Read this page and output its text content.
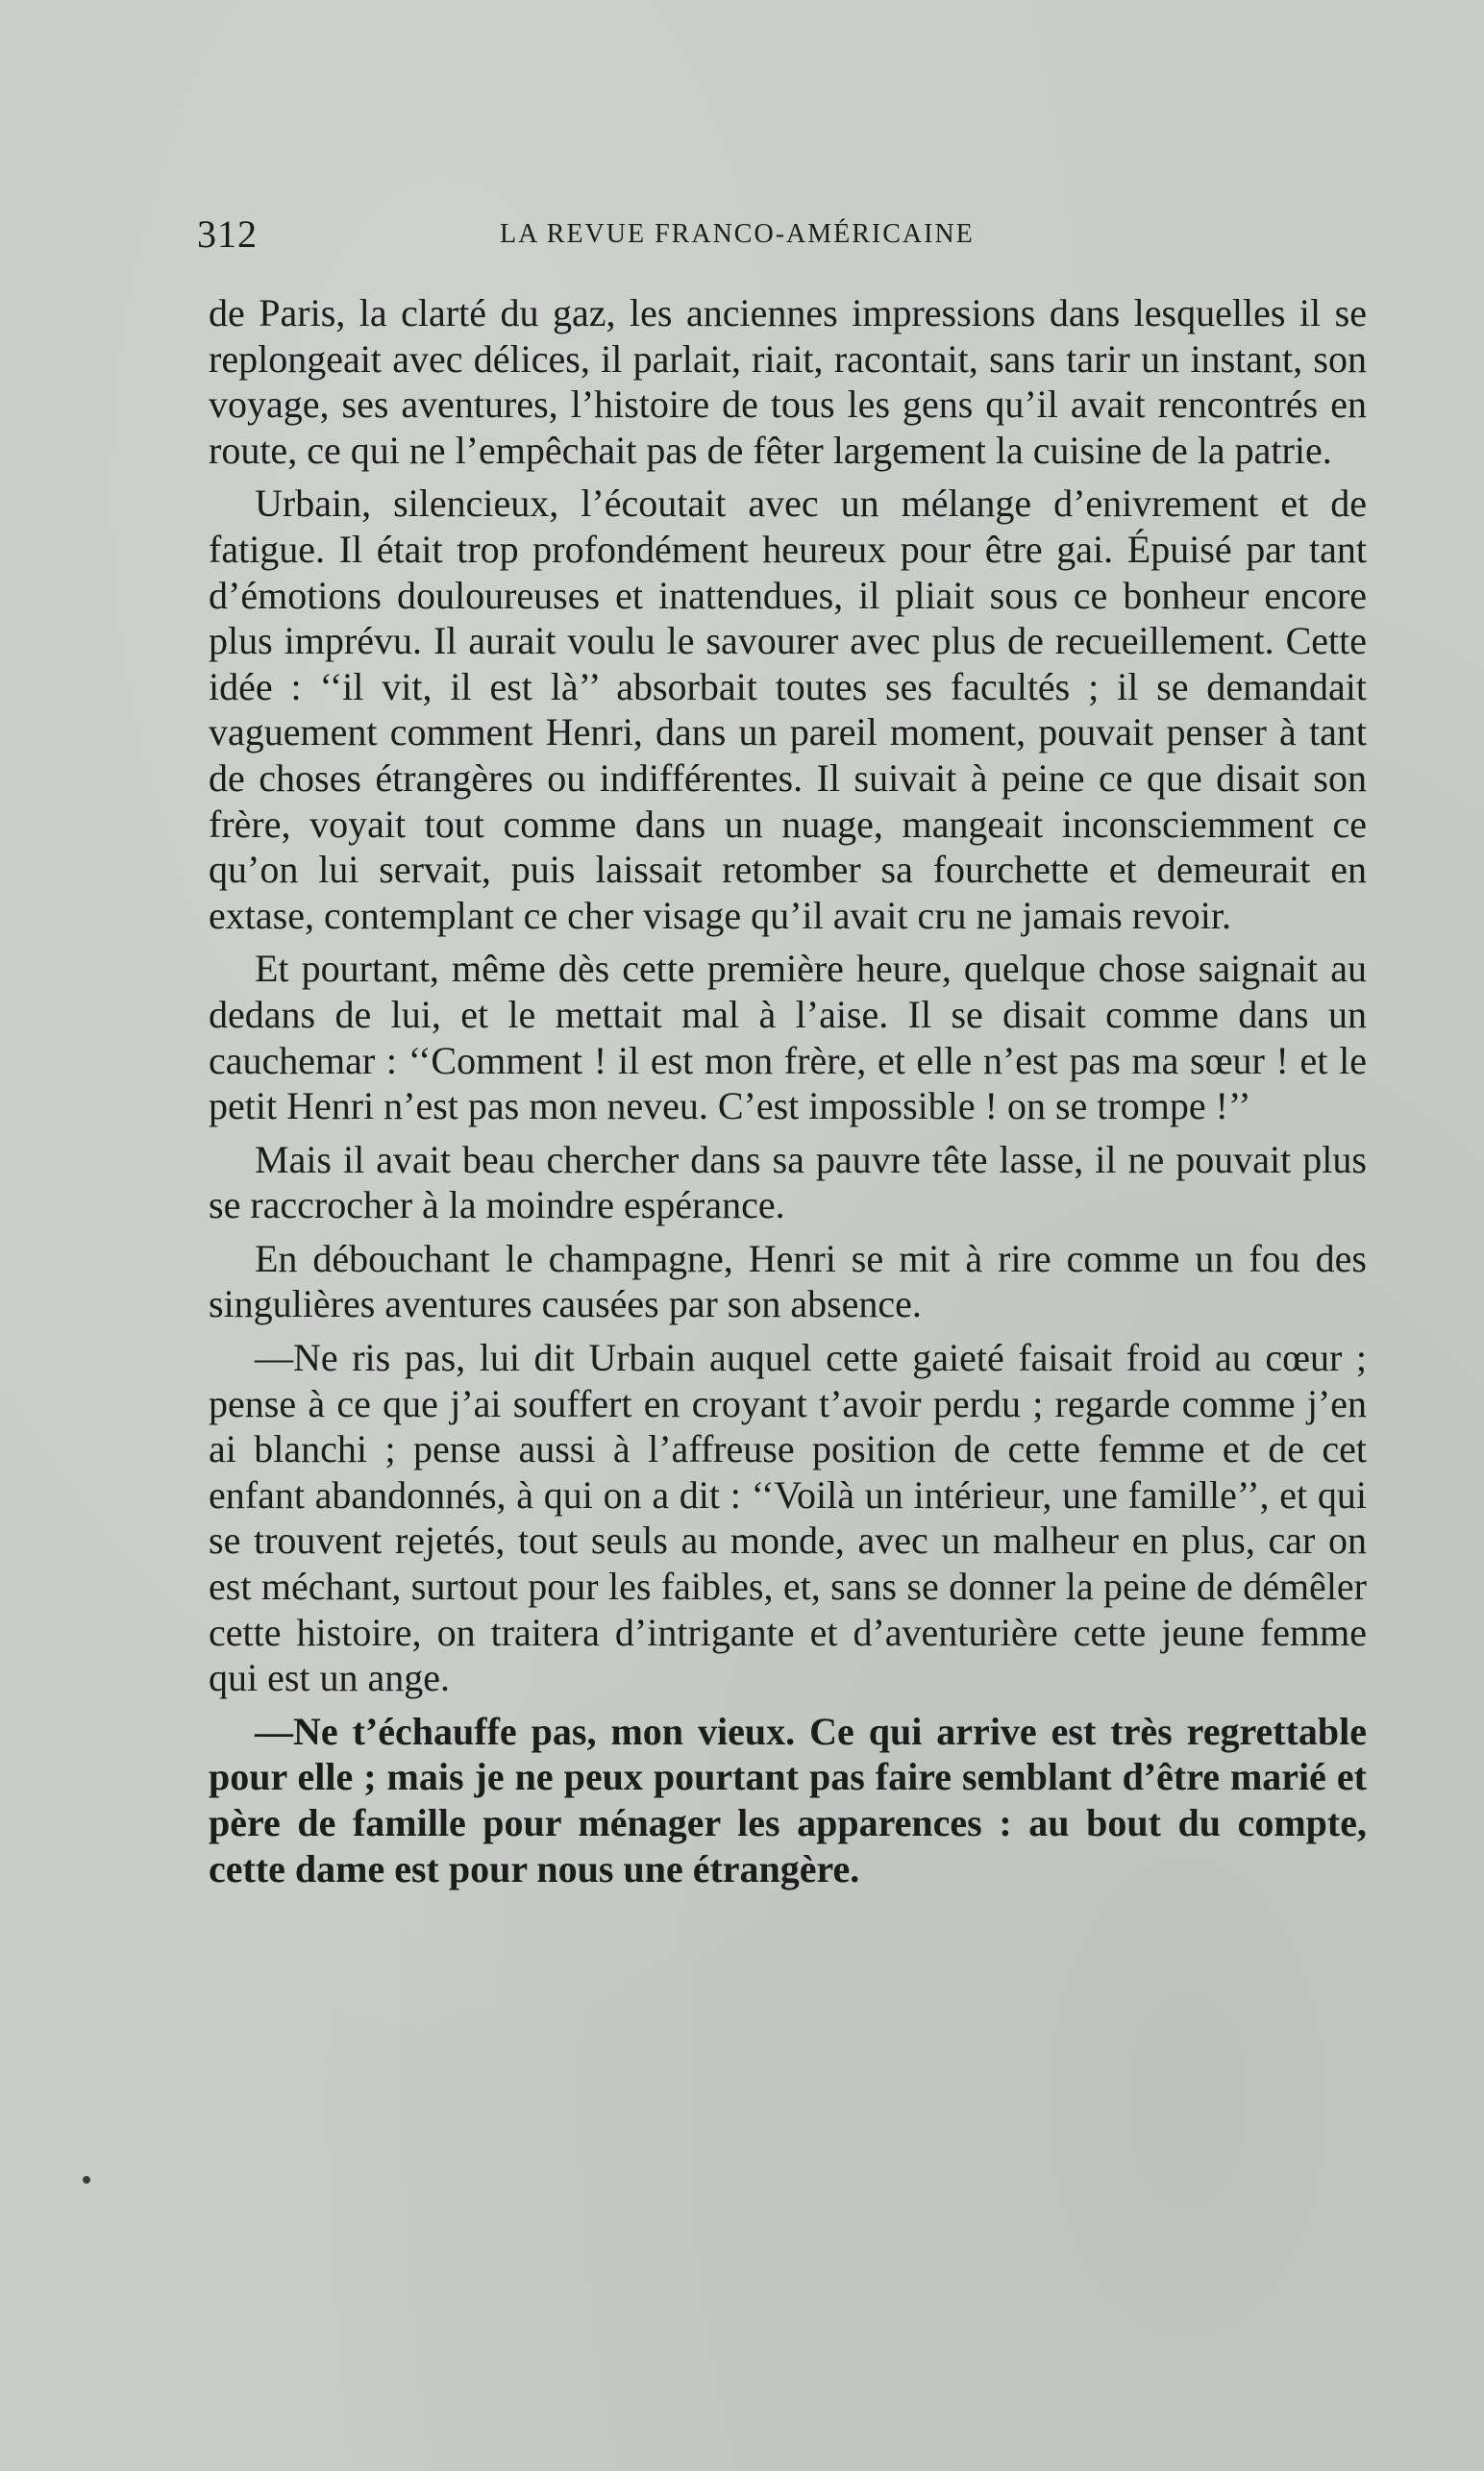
312	LA REVUE FRANCO-AMÉRICAINE

de Paris, la clarté du gaz, les anciennes impressions dans lesquelles il se replongeait avec délices, il parlait, riait, racontait, sans tarir un instant, son voyage, ses aventures, l’histoire de tous les gens qu’il avait rencontrés en route, ce qui ne l’empêchait pas de fêter largement la cuisine de la patrie.

Urbain, silencieux, l’écoutait avec un mélange d’enivrement et de fatigue. Il était trop profondément heureux pour être gai. Épuisé par tant d’émotions douloureuses et inattendues, il pliait sous ce bonheur encore plus imprévu. Il aurait voulu le savourer avec plus de recueillement. Cette idée : ‘‘il vit, il est là’’ absorbait toutes ses facultés ; il se demandait vaguement comment Henri, dans un pareil moment, pouvait penser à tant de choses étrangères ou indifférentes. Il suivait à peine ce que disait son frère, voyait tout comme dans un nuage, mangeait inconsciemment ce qu’on lui servait, puis laissait retomber sa fourchette et demeurait en extase, contemplant ce cher visage qu’il avait cru ne jamais revoir.

Et pourtant, même dès cette première heure, quelque chose saignait au dedans de lui, et le mettait mal à l’aise. Il se disait comme dans un cauchemar : ‘‘Comment ! il est mon frère, et elle n’est pas ma sœur ! et le petit Henri n’est pas mon neveu. C’est impossible ! on se trompe !’’

Mais il avait beau chercher dans sa pauvre tête lasse, il ne pouvait plus se raccrocher à la moindre espérance.

En débouchant le champagne, Henri se mit à rire comme un fou des singulières aventures causées par son absence.

—Ne ris pas, lui dit Urbain auquel cette gaieté faisait froid au cœur ; pense à ce que j’ai souffert en croyant t’avoir perdu ; regarde comme j’en ai blanchi ; pense aussi à l’affreuse position de cette femme et de cet enfant abandonnés, à qui on a dit : ‘‘Voilà un intérieur, une famille’’, et qui se trouvent rejetés, tout seuls au monde, avec un malheur en plus, car on est méchant, surtout pour les faibles, et, sans se donner la peine de démêler cette histoire, on traitera d’intrigante et d’aventurière cette jeune femme qui est un ange.

—Ne t’échauffe pas, mon vieux. Ce qui arrive est très regrettable pour elle ; mais je ne peux pourtant pas faire semblant d’être marié et père de famille pour ménager les apparences : au bout du compte, cette dame est pour nous une étrangère.
